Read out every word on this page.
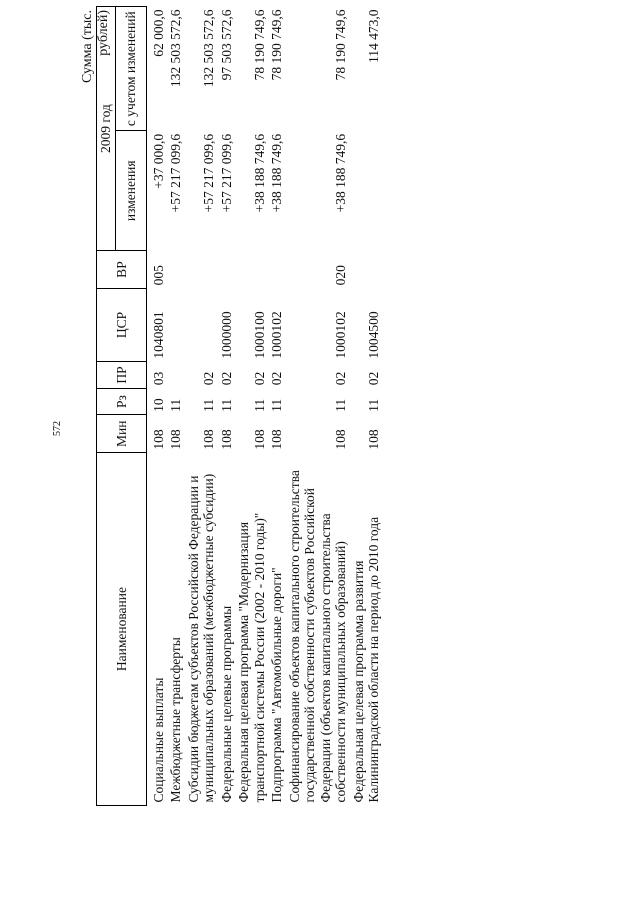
572
Сумма (тыс. рублей)
Наименование	Мин	Рз	ПР	ЦСР	ВР	2009 год	
						изменения	с учетом изменений
Социальные выплаты	108	10	03	1040801	005	+37 000,0	62 000,0
Межбюджетные трансферты	108	11				+57 217 099,6	132 503 572,6
Субсидии бюджетам субъектов Российской Федерации и муниципальных образований (межбюджетные субсидии)	108	11	02			+57 217 099,6	132 503 572,6
Федеральные целевые программы	108	11	02	1000000		+57 217 099,6	97 503 572,6
Федеральная целевая программа "Модернизация транспортной системы России (2002 - 2010 годы)"	108	11	02	1000100		+38 188 749,6	78 190 749,6
Подпрограмма "Автомобильные дороги"	108	11	02	1000102		+38 188 749,6	78 190 749,6
Софинансирование объектов капитального строительства государственной собственности субъектов Российской Федерации (объектов капитального строительства собственности муниципальных образований)	108	11	02	1000102	020	+38 188 749,6	78 190 749,6
Федеральная целевая программа развития Калининградской области на период до 2010 года	108	11	02	1004500			114 473,0
